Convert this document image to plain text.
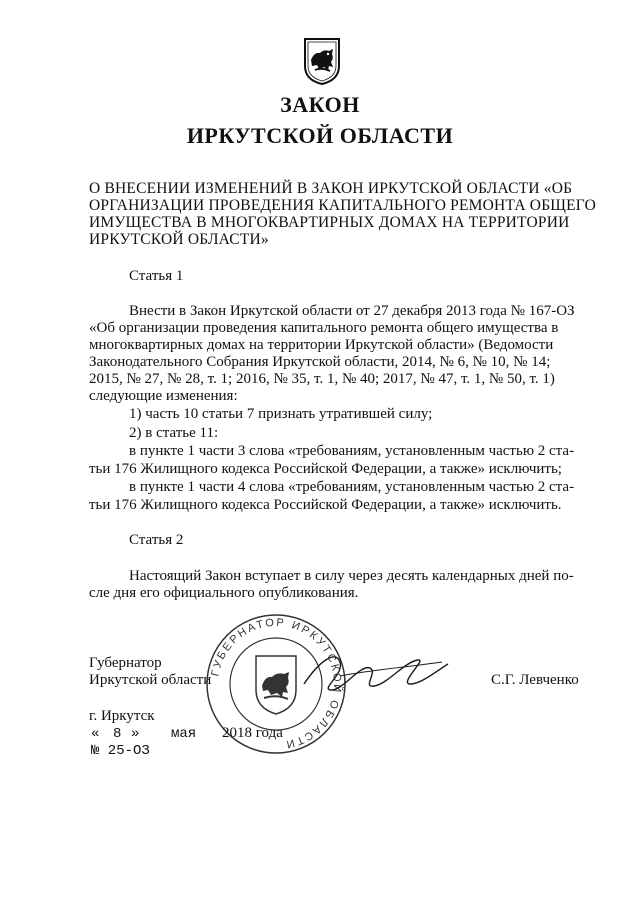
ЗАКОН
ИРКУТСКОЙ ОБЛАСТИ
О ВНЕСЕНИИ ИЗМЕНЕНИЙ В ЗАКОН ИРКУТСКОЙ ОБЛАСТИ «ОБ
ОРГАНИЗАЦИИ ПРОВЕДЕНИЯ КАПИТАЛЬНОГО РЕМОНТА ОБЩЕГО
ИМУЩЕСТВА В МНОГОКВАРТИРНЫХ ДОМАХ НА ТЕРРИТОРИИ
ИРКУТСКОЙ ОБЛАСТИ»
Статья 1
Внести в Закон Иркутской области от 27 декабря 2013 года № 167-ОЗ
«Об организации проведения капитального ремонта общего имущества в
многоквартирных домах на территории Иркутской области» (Ведомости
Законодательного Собрания Иркутской области, 2014, № 6, № 10, № 14;
2015, № 27, № 28, т. 1; 2016, № 35, т. 1, № 40; 2017, № 47, т. 1, № 50, т. 1)
следующие изменения:
1) часть 10 статьи 7 признать утратившей силу;
2) в статье 11:
в пункте 1 части 3 слова «требованиям, установленным частью 2 ста-
тьи 176 Жилищного кодекса Российской Федерации, а также» исключить;
в пункте 1 части 4 слова «требованиям, установленным частью 2 ста-
тьи 176 Жилищного кодекса Российской Федерации, а также» исключить.
Статья 2
Настоящий Закон вступает в силу через десять календарных дней по-
сле дня его официального опубликования.
ГУБЕРНАТОР ИРКУТСКОЙ ОБЛАСТИ
Губернатор
Иркутской области	С.Г. Левченко
г. Иркутск
« 8 » мая 2018 года
№ 25-ОЗ
